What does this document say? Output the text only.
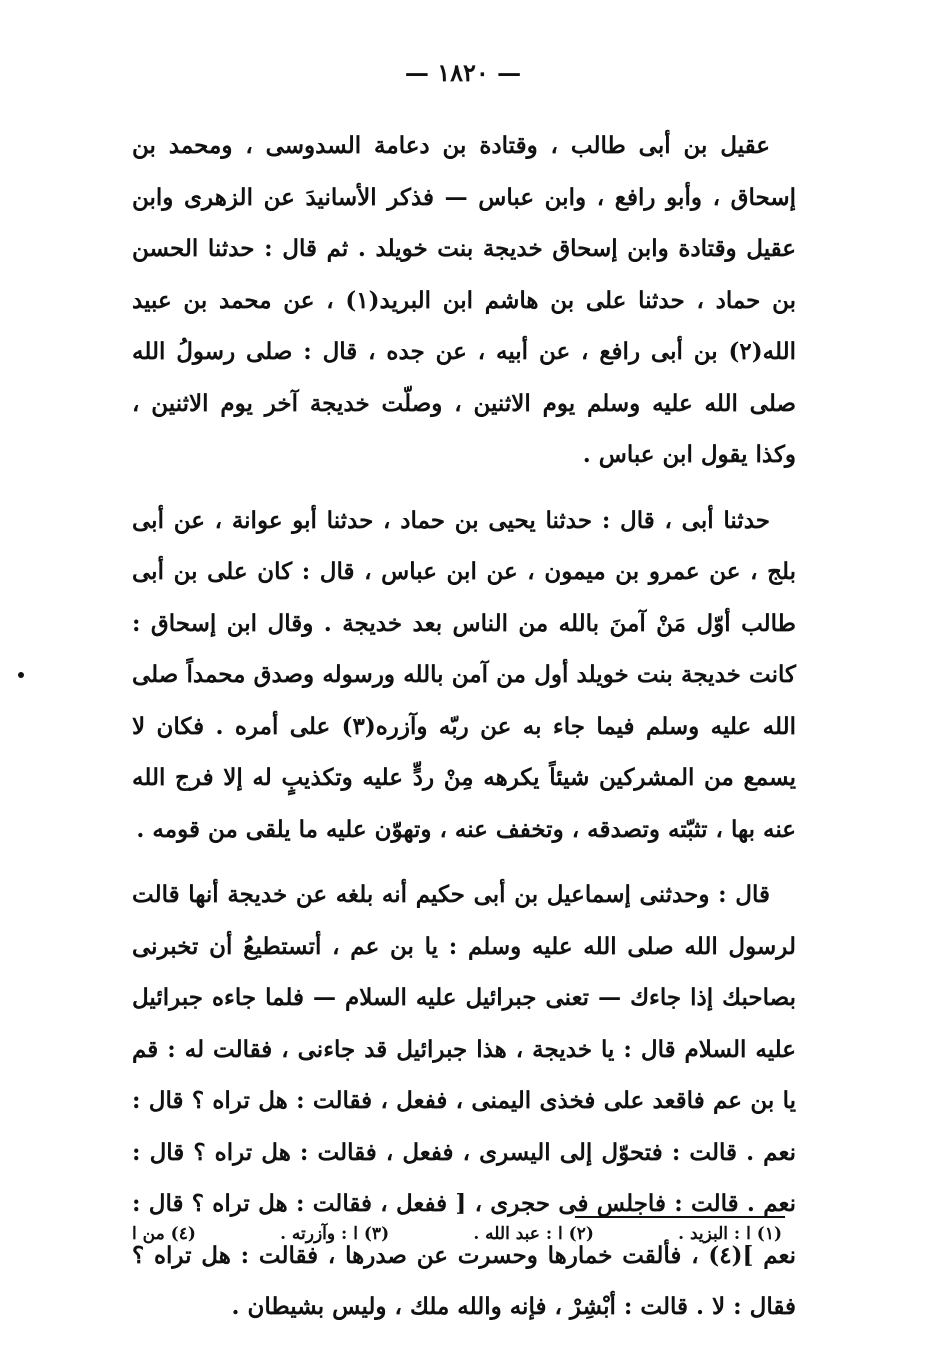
— ١٨٢٠ —

عقيل بن أبى طالب ، وقتادة بن دعامة السدوسى ، ومحمد بن إسحاق ، وأبو رافع ، وابن عباس — فذكر الأسانيدَ عن الزهرى وابن عقيل وقتادة وابن إسحاق خديجة بنت خويلد . ثم قال : حدثنا الحسن بن حماد ، حدثنا على بن هاشم ابن البريد(١) ، عن محمد بن عبيد الله(٢) بن أبى رافع ، عن أبيه ، عن جده ، قال : صلى رسولُ الله صلى الله عليه وسلم يوم الاثنين ، وصلّت خديجة آخر يوم الاثنين ، وكذا يقول ابن عباس .

حدثنا أبى ، قال : حدثنا يحيى بن حماد ، حدثنا أبو عوانة ، عن أبى بلج ، عن عمرو بن ميمون ، عن ابن عباس ، قال : كان على بن أبى طالب أوّل مَنْ آمنَ بالله من الناس بعد خديجة . وقال ابن إسحاق : كانت خديجة بنت خويلد أول من آمن بالله ورسوله وصدق محمداً صلى الله عليه وسلم فيما جاء به عن ربّه وآزره(٣) على أمره . فكان لا يسمع من المشركين شيئاً يكرهه مِنْ ردٍّ عليه وتكذيبٍ له إلا فرج الله عنه بها ، تثبّته وتصدقه ، وتخفف عنه ، وتهوّن عليه ما يلقى من قومه .

قال : وحدثنى إسماعيل بن أبى حكيم أنه بلغه عن خديجة أنها قالت لرسول الله صلى الله عليه وسلم : يا بن عم ، أتستطيعُ أن تخبرنى بصاحبك إذا جاءك — تعنى جبرائيل عليه السلام — فلما جاءه جبرائيل عليه السلام قال : يا خديجة ، هذا جبرائيل قد جاءنى ، فقالت له : قم يا بن عم فاقعد على فخذى اليمنى ، ففعل ، فقالت : هل تراه ؟ قال : نعم . قالت : فتحوّل إلى اليسرى ، ففعل ، فقالت : هل تراه ؟ قال : نعم . قالت : فاجلس فى حجرى ، [ ففعل ، فقالت : هل تراه ؟ قال : نعم ](٤) ، فألقت خمارها وحسرت عن صدرها ، فقالت : هل تراه ؟ فقال : لا . قالت : أبْشِرْ ، فإنه والله ملك ، وليس بشيطان .

(١) ا : البزيد .
(٢) ا : عبد الله .
(٣) ا : وآزرته .
(٤) من ا
